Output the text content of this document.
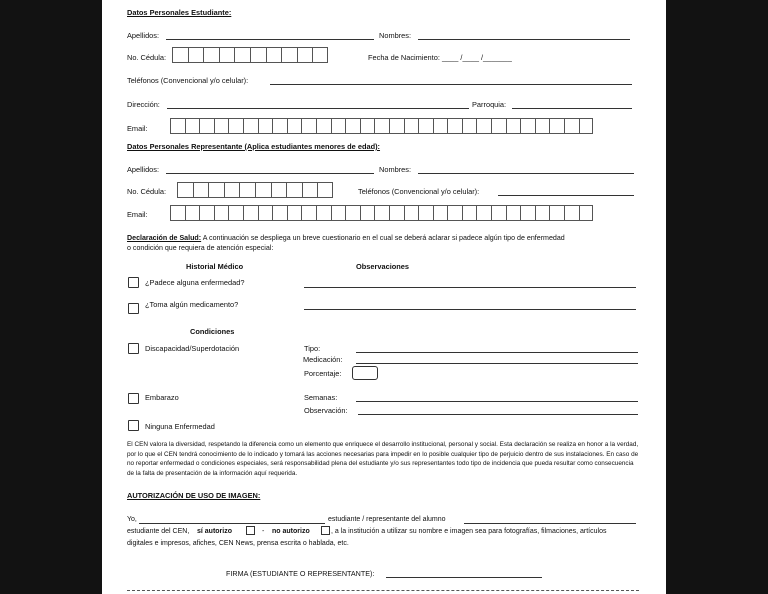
Datos Personales Estudiante:
Apellidos:	Nombres:
No. Cédula:	Fecha de Nacimiento: ____ /____ /_______
Teléfonos (Convencional y/o celular):
Dirección:	Parroquia:
Email:
Datos Personales Representante (Aplica estudiantes menores de edad):
Apellidos:	Nombres:
No. Cédula:	Teléfonos (Convencional y/o celular):
Email:
Declaración de Salud: A continuación se despliega un breve cuestionario en el cual se deberá aclarar si padece algún tipo de enfermedad
o condición que requiera de atención especial:
Historial Médico	Observaciones
¿Padece alguna enfermedad?
¿Toma algún medicamento?
Condiciones
Discapacidad/Superdotación	Tipo:
Medicación:
Porcentaje:
Embarazo	Semanas:
Observación:
Ninguna Enfermedad
El CEN valora la diversidad, respetando la diferencia como un elemento que enriquece el desarrollo institucional, personal y social. Esta declaración se realiza en honor a la verdad, por lo que el CEN tendrá conocimiento de lo indicado y tomará las acciones necesarias para impedir en lo posible cualquier tipo de perjuicio dentro de sus instalaciones. En caso de no reportar enfermedad o condiciones especiales, será responsabilidad plena del estudiante y/o sus representantes todo tipo de incidencia que pueda resultar como consecuencia de la falta de presentación de la información aquí requerida.
AUTORIZACIÓN DE USO DE IMAGEN:
Yo,	estudiante / representante del alumno
estudiante del CEN, sí autorizo	- no autorizo	, a la institución a utilizar su nombre e imagen sea para fotografías, filmaciones, artículos
digitales e impresos, afiches, CEN News, prensa escrita o hablada, etc.
FIRMA (ESTUDIANTE O REPRESENTANTE):
